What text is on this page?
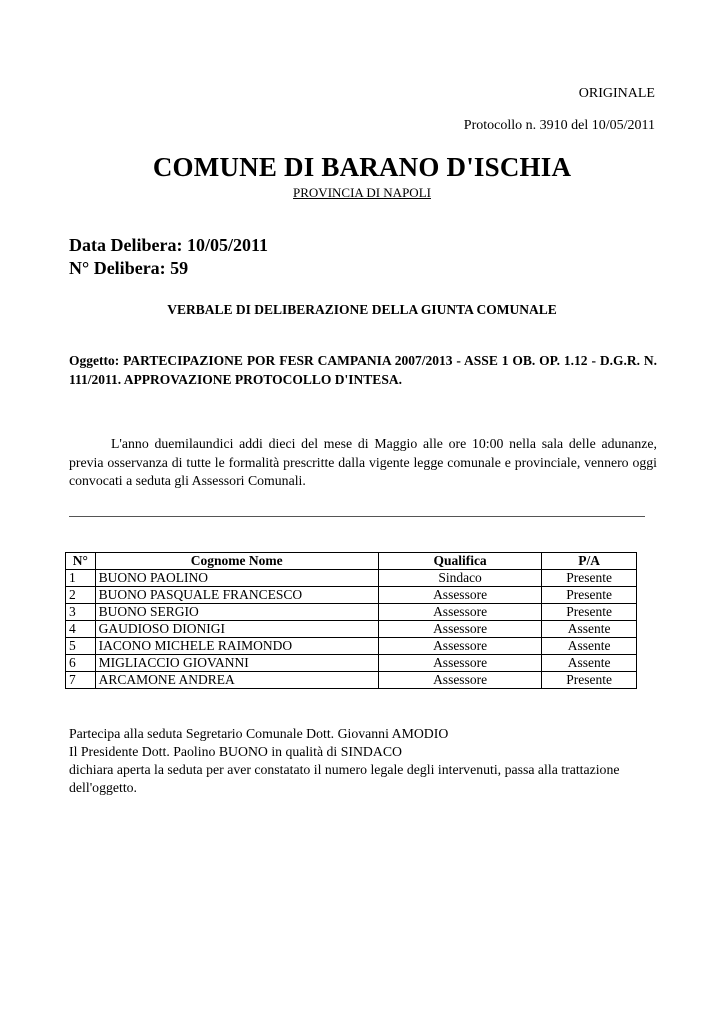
ORIGINALE
Protocollo n. 3910 del 10/05/2011
COMUNE DI BARANO D'ISCHIA
PROVINCIA DI NAPOLI
Data Delibera: 10/05/2011
N° Delibera: 59
VERBALE DI DELIBERAZIONE DELLA GIUNTA COMUNALE
Oggetto: PARTECIPAZIONE POR FESR CAMPANIA 2007/2013 - ASSE 1 OB. OP. 1.12 - D.G.R. N. 111/2011. APPROVAZIONE PROTOCOLLO D'INTESA.
L'anno duemilaundici addi dieci del mese di Maggio alle ore 10:00 nella sala delle adunanze, previa osservanza di tutte le formalità prescritte dalla vigente legge comunale e provinciale, vennero oggi convocati a seduta gli Assessori Comunali.
N°	Cognome Nome	Qualifica	P/A
1	BUONO PAOLINO	Sindaco	Presente
2	BUONO PASQUALE FRANCESCO	Assessore	Presente
3	BUONO SERGIO	Assessore	Presente
4	GAUDIOSO DIONIGI	Assessore	Assente
5	IACONO MICHELE RAIMONDO	Assessore	Assente
6	MIGLIACCIO GIOVANNI	Assessore	Assente
7	ARCAMONE ANDREA	Assessore	Presente
Partecipa alla seduta Segretario Comunale Dott. Giovanni AMODIO
Il Presidente Dott. Paolino BUONO in qualità di SINDACO
dichiara aperta la seduta per aver constatato il numero legale degli intervenuti, passa alla trattazione
dell'oggetto.
